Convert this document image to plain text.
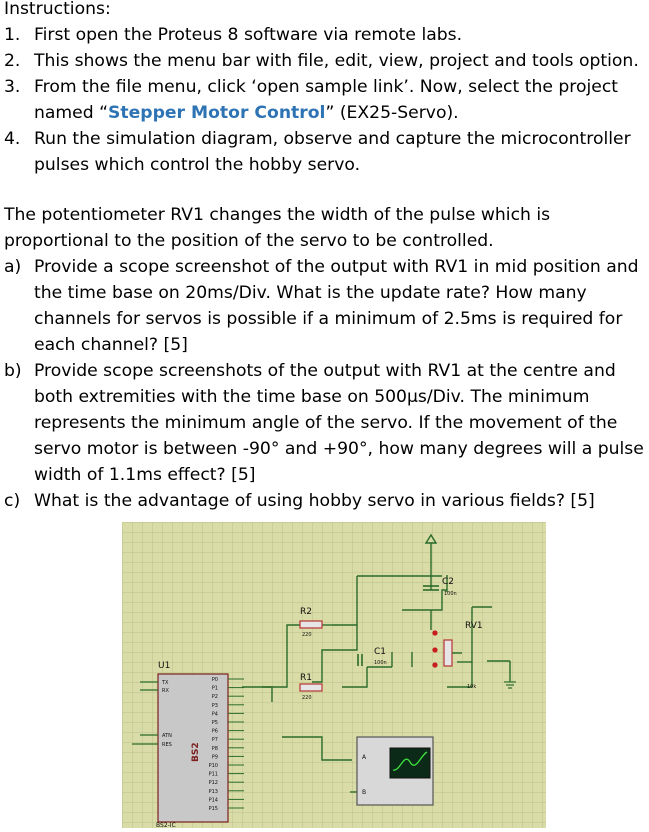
Instructions:

1. First open the Proteus 8 software via remote labs.
2. This shows the menu bar with file, edit, view, project and tools option.
3. From the file menu, click ‘open sample link’. Now, select the project named “Stepper Motor Control” (EX25-Servo).
4. Run the simulation diagram, observe and capture the microcontroller pulses which control the hobby servo.

The potentiometer RV1 changes the width of the pulse which is proportional to the position of the servo to be controlled.

a) Provide a scope screenshot of the output with RV1 in mid position and the time base on 20ms/Div. What is the update rate? How many channels for servos is possible if a minimum of 2.5ms is required for each channel? [5]
b) Provide scope screenshots of the output with RV1 at the centre and both extremities with the time base on 500μs/Div. The minimum represents the minimum angle of the servo. If the movement of the servo motor is between -90° and +90°, how many degrees will a pulse width of 1.1ms effect? [5]
c) What is the advantage of using hobby servo in various fields? [5]
R2
220
R1
220
C2
100n
C1
100n
RV1
10k
U1
BS2-IC
BS2
TX
RX
ATN
RES
P0
P1
P2
P3
P4
P5
P6
P7
P8
P9
P10
P11
P12
P13
P14
P15
A
B
